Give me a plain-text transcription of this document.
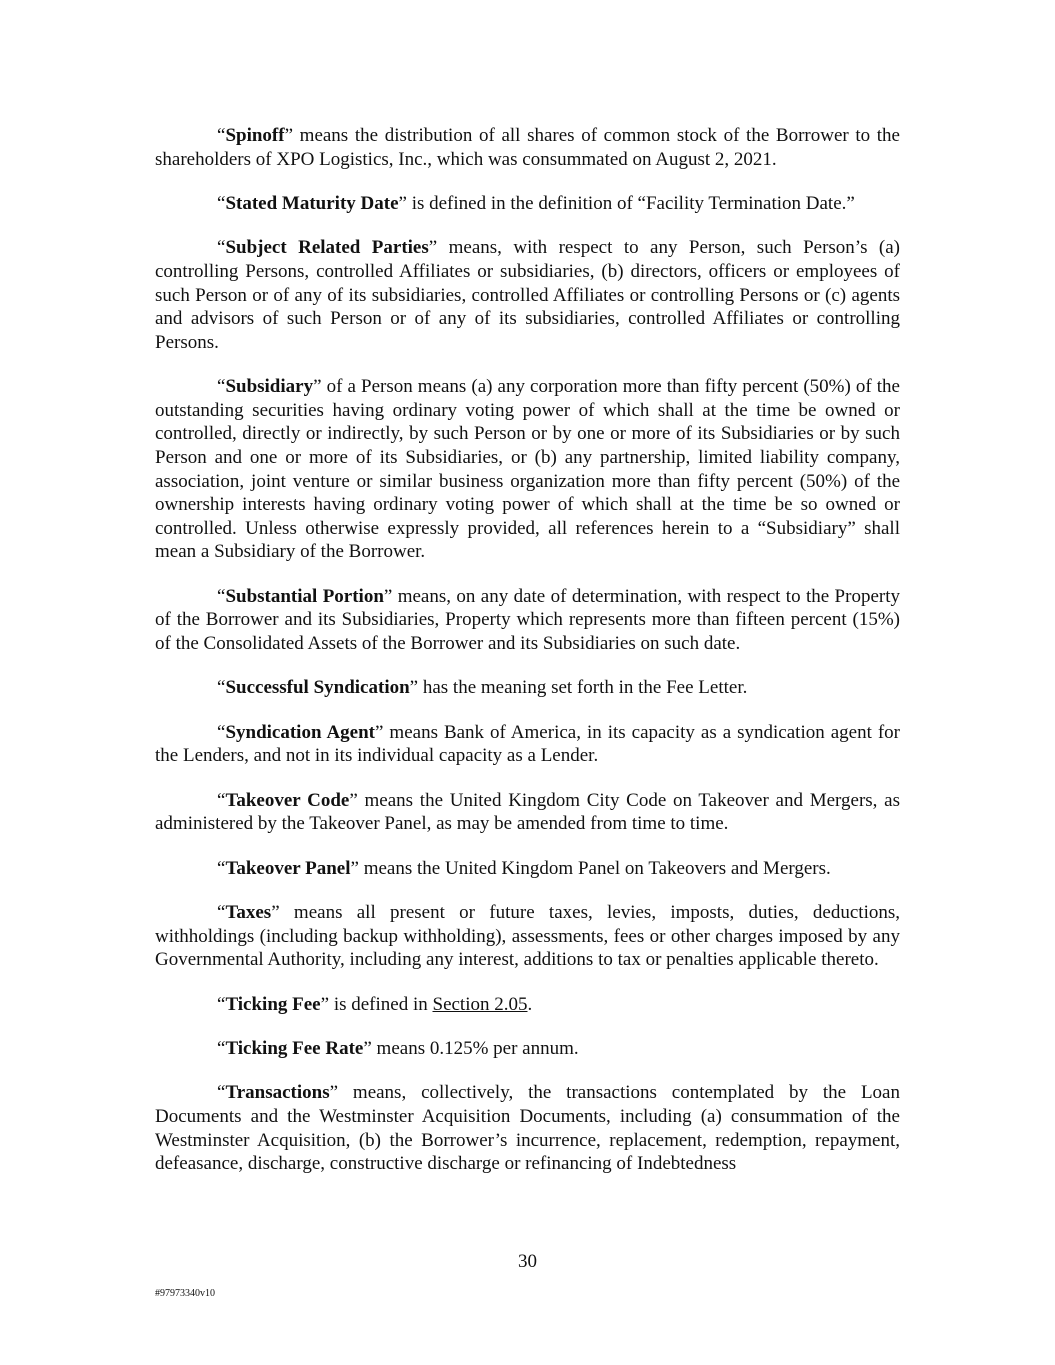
“Spinoff” means the distribution of all shares of common stock of the Borrower to the shareholders of XPO Logistics, Inc., which was consummated on August 2, 2021.

“Stated Maturity Date” is defined in the definition of “Facility Termination Date.”

“Subject Related Parties” means, with respect to any Person, such Person’s (a) controlling Persons, controlled Affiliates or subsidiaries, (b) directors, officers or employees of such Person or of any of its subsidiaries, controlled Affiliates or controlling Persons or (c) agents and advisors of such Person or of any of its subsidiaries, controlled Affiliates or controlling Persons.

“Subsidiary” of a Person means (a) any corporation more than fifty percent (50%) of the outstanding securities having ordinary voting power of which shall at the time be owned or controlled, directly or indirectly, by such Person or by one or more of its Subsidiaries or by such Person and one or more of its Subsidiaries, or (b) any partnership, limited liability company, association, joint venture or similar business organization more than fifty percent (50%) of the ownership interests having ordinary voting power of which shall at the time be so owned or controlled. Unless otherwise expressly provided, all references herein to a “Subsidiary” shall mean a Subsidiary of the Borrower.

“Substantial Portion” means, on any date of determination, with respect to the Property of the Borrower and its Subsidiaries, Property which represents more than fifteen percent (15%) of the Consolidated Assets of the Borrower and its Subsidiaries on such date.

“Successful Syndication” has the meaning set forth in the Fee Letter.

“Syndication Agent” means Bank of America, in its capacity as a syndication agent for the Lenders, and not in its individual capacity as a Lender.

“Takeover Code” means the United Kingdom City Code on Takeover and Mergers, as administered by the Takeover Panel, as may be amended from time to time.

“Takeover Panel” means the United Kingdom Panel on Takeovers and Mergers.

“Taxes” means all present or future taxes, levies, imposts, duties, deductions, withholdings (including backup withholding), assessments, fees or other charges imposed by any Governmental Authority, including any interest, additions to tax or penalties applicable thereto.

“Ticking Fee” is defined in Section 2.05.

“Ticking Fee Rate” means 0.125% per annum.

“Transactions” means, collectively, the transactions contemplated by the Loan Documents and the Westminster Acquisition Documents, including (a) consummation of the Westminster Acquisition, (b) the Borrower’s incurrence, replacement, redemption, repayment, defeasance, discharge, constructive discharge or refinancing of Indebtedness

30
#97973340v10
